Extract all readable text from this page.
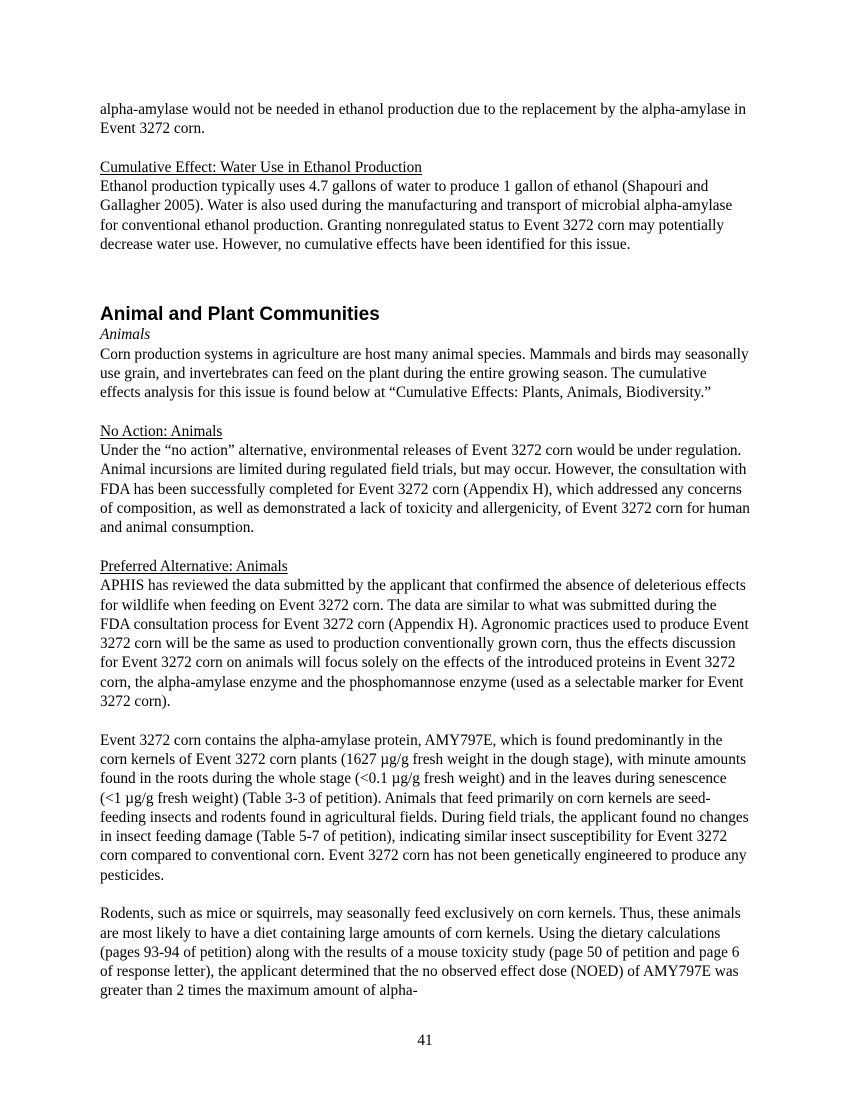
alpha-amylase would not be needed in ethanol production due to the replacement by the alpha-amylase in Event 3272 corn.

Cumulative Effect: Water Use in Ethanol Production

Ethanol production typically uses 4.7 gallons of water to produce 1 gallon of ethanol (Shapouri and Gallagher 2005). Water is also used during the manufacturing and transport of microbial alpha-amylase for conventional ethanol production. Granting nonregulated status to Event 3272 corn may potentially decrease water use. However, no cumulative effects have been identified for this issue.

Animal and Plant Communities

Animals

Corn production systems in agriculture are host many animal species. Mammals and birds may seasonally use grain, and invertebrates can feed on the plant during the entire growing season. The cumulative effects analysis for this issue is found below at “Cumulative Effects: Plants, Animals, Biodiversity.”

No Action: Animals

Under the “no action” alternative, environmental releases of Event 3272 corn would be under regulation. Animal incursions are limited during regulated field trials, but may occur. However, the consultation with FDA has been successfully completed for Event 3272 corn (Appendix H), which addressed any concerns of composition, as well as demonstrated a lack of toxicity and allergenicity, of Event 3272 corn for human and animal consumption.

Preferred Alternative: Animals

APHIS has reviewed the data submitted by the applicant that confirmed the absence of deleterious effects for wildlife when feeding on Event 3272 corn. The data are similar to what was submitted during the FDA consultation process for Event 3272 corn (Appendix H). Agronomic practices used to produce Event 3272 corn will be the same as used to production conventionally grown corn, thus the effects discussion for Event 3272 corn on animals will focus solely on the effects of the introduced proteins in Event 3272 corn, the alpha-amylase enzyme and the phosphomannose enzyme (used as a selectable marker for Event 3272 corn).

Event 3272 corn contains the alpha-amylase protein, AMY797E, which is found predominantly in the corn kernels of Event 3272 corn plants (1627 µg/g fresh weight in the dough stage), with minute amounts found in the roots during the whole stage (<0.1 µg/g fresh weight) and in the leaves during senescence (<1 µg/g fresh weight) (Table 3-3 of petition). Animals that feed primarily on corn kernels are seed-feeding insects and rodents found in agricultural fields. During field trials, the applicant found no changes in insect feeding damage (Table 5-7 of petition), indicating similar insect susceptibility for Event 3272 corn compared to conventional corn. Event 3272 corn has not been genetically engineered to produce any pesticides.

Rodents, such as mice or squirrels, may seasonally feed exclusively on corn kernels. Thus, these animals are most likely to have a diet containing large amounts of corn kernels. Using the dietary calculations (pages 93-94 of petition) along with the results of a mouse toxicity study (page 50 of petition and page 6 of response letter), the applicant determined that the no observed effect dose (NOED) of AMY797E was greater than 2 times the maximum amount of alpha-

41
